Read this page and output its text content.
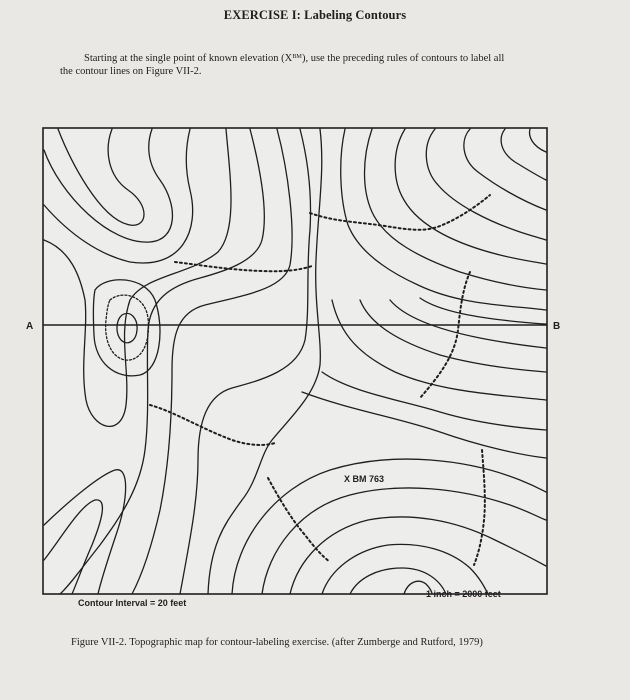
EXERCISE I: Labeling Contours
Starting at the single point of known elevation (Xᴮᴹ), use the preceding rules of contours to label all
the contour lines on Figure VII-2.
A	B
X BM 763
Contour Interval = 20 feet
1 inch = 2000 feet
Figure VII-2. Topographic map for contour-labeling exercise. (after Zumberge and Rutford, 1979)
